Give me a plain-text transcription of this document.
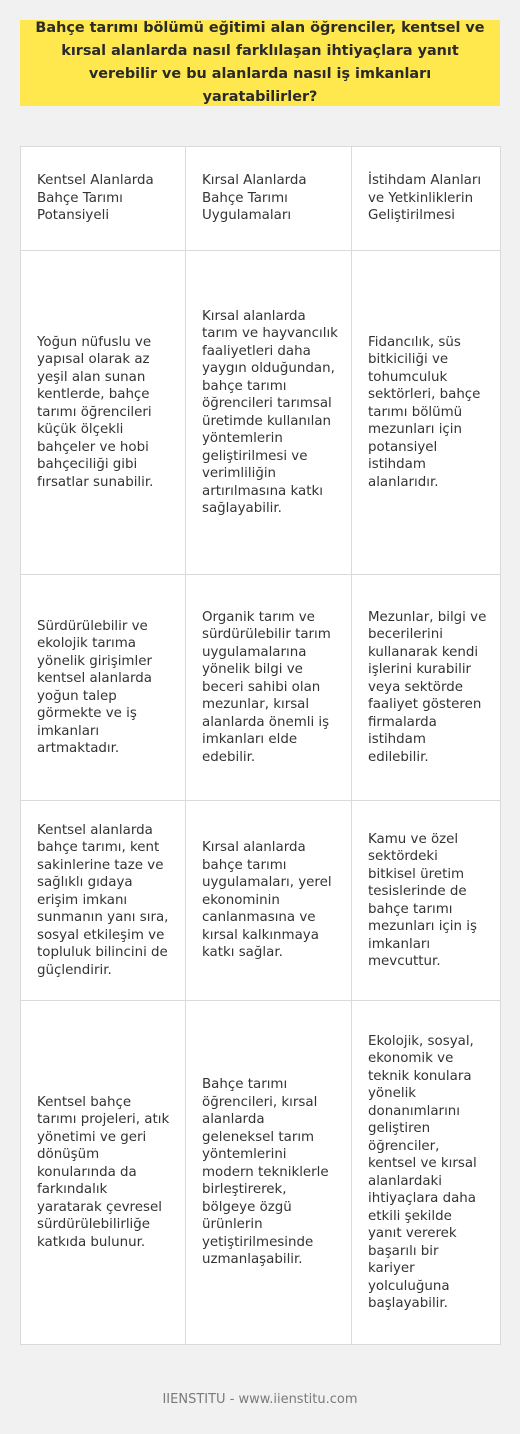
Bahçe tarımı bölümü eğitimi alan öğrenciler, kentsel ve kırsal alanlarda nasıl farklılaşan ihtiyaçlara yanıt verebilir ve bu alanlarda nasıl iş imkanları yaratabilirler?
Kentsel Alanlarda Bahçe Tarımı Potansiyeli	Kırsal Alanlarda Bahçe Tarımı Uygulamaları	İstihdam Alanları ve Yetkinliklerin Geliştirilmesi
Yoğun nüfuslu ve yapısal olarak az yeşil alan sunan kentlerde, bahçe tarımı öğrencileri küçük ölçekli bahçeler ve hobi bahçeciliği gibi fırsatlar sunabilir.	Kırsal alanlarda tarım ve hayvancılık faaliyetleri daha yaygın olduğundan, bahçe tarımı öğrencileri tarımsal üretimde kullanılan yöntemlerin geliştirilmesi ve verimliliğin artırılmasına katkı sağlayabilir.	Fidancılık, süs bitkiciliği ve tohumculuk sektörleri, bahçe tarımı bölümü mezunları için potansiyel istihdam alanlarıdır.
Sürdürülebilir ve ekolojik tarıma yönelik girişimler kentsel alanlarda yoğun talep görmekte ve iş imkanları artmaktadır.	Organik tarım ve sürdürülebilir tarım uygulamalarına yönelik bilgi ve beceri sahibi olan mezunlar, kırsal alanlarda önemli iş imkanları elde edebilir.	Mezunlar, bilgi ve becerilerini kullanarak kendi işlerini kurabilir veya sektörde faaliyet gösteren firmalarda istihdam edilebilir.
Kentsel alanlarda bahçe tarımı, kent sakinlerine taze ve sağlıklı gıdaya erişim imkanı sunmanın yanı sıra, sosyal etkileşim ve topluluk bilincini de güçlendirir.	Kırsal alanlarda bahçe tarımı uygulamaları, yerel ekonominin canlanmasına ve kırsal kalkınmaya katkı sağlar.	Kamu ve özel sektördeki bitkisel üretim tesislerinde de bahçe tarımı mezunları için iş imkanları mevcuttur.
Kentsel bahçe tarımı projeleri, atık yönetimi ve geri dönüşüm konularında da farkındalık yaratarak çevresel sürdürülebilirliğe katkıda bulunur.	Bahçe tarımı öğrencileri, kırsal alanlarda geleneksel tarım yöntemlerini modern tekniklerle birleştirerek, bölgeye özgü ürünlerin yetiştirilmesinde uzmanlaşabilir.	Ekolojik, sosyal, ekonomik ve teknik konulara yönelik donanımlarını geliştiren öğrenciler, kentsel ve kırsal alanlardaki ihtiyaçlara daha etkili şekilde yanıt vererek başarılı bir kariyer yolculuğuna başlayabilir.
IIENSTITU - www.iienstitu.com
